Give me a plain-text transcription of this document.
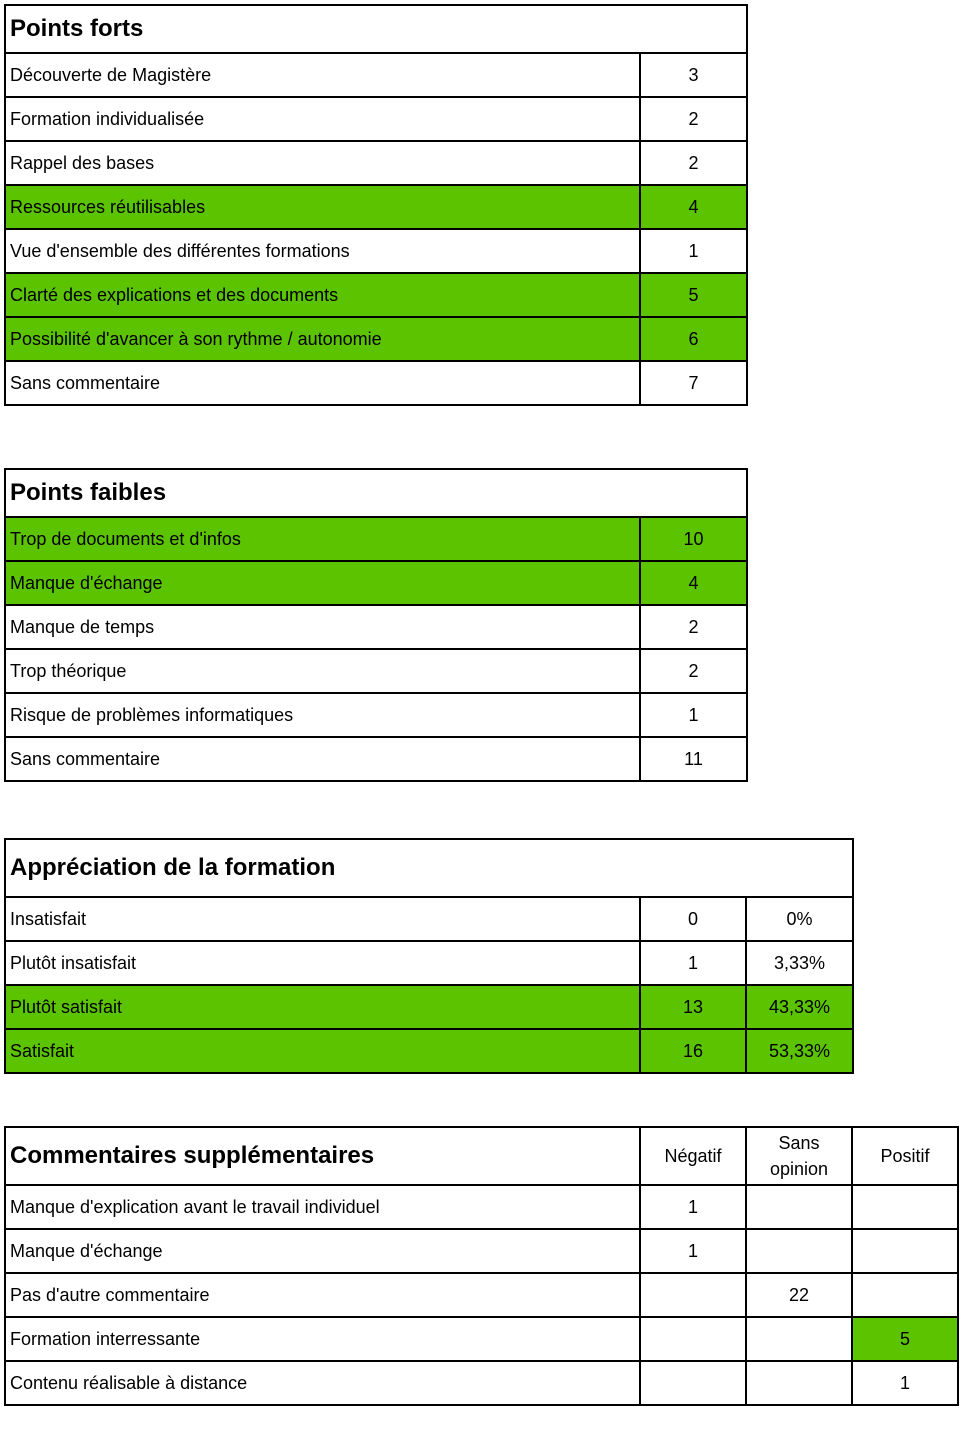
Points forts	
Découverte de Magistère	3
Formation individualisée	2
Rappel des bases	2
Ressources réutilisables	4
Vue d'ensemble des différentes formations	1
Clarté des explications et des documents	5
Possibilité d'avancer à son rythme / autonomie	6
Sans commentaire	7
Points faibles	
Trop de documents et d'infos	10
Manque d'échange	4
Manque de temps	2
Trop théorique	2
Risque de problèmes informatiques	1
Sans commentaire	11
Appréciation de la formation		
Insatisfait	0	0%
Plutôt insatisfait	1	3,33%
Plutôt satisfait	13	43,33%
Satisfait	16	53,33%
Commentaires supplémentaires	Négatif	Sans opinion	Positif
Manque d'explication avant le travail individuel	1		
Manque d'échange	1		
Pas d'autre commentaire		22	
Formation interressante			5
Contenu réalisable à distance			1
